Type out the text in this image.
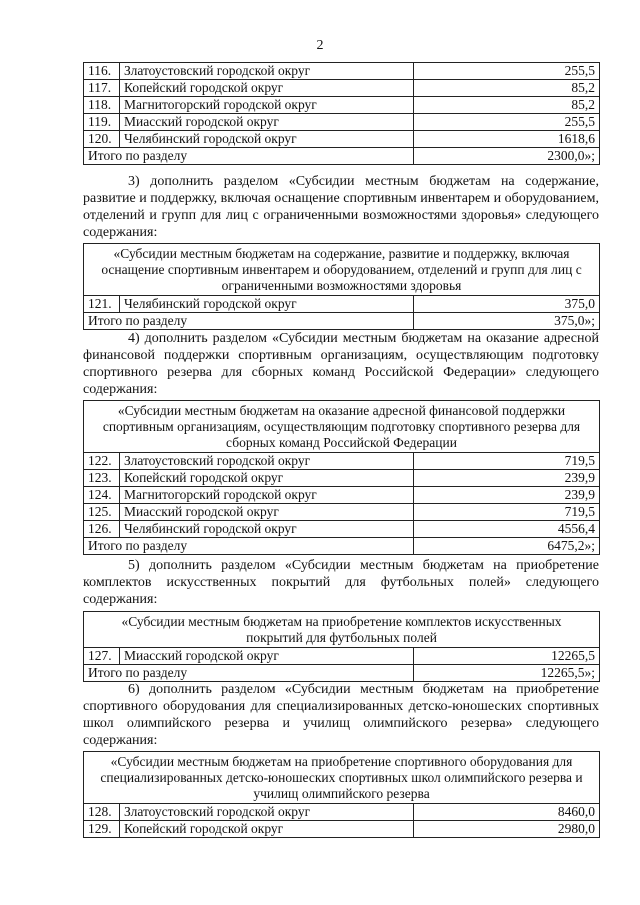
2
116.	Златоустовский городской округ	255,5
117.	Копейский городской округ	85,2
118.	Магнитогорский городской округ	85,2
119.	Миасский городской округ	255,5
120.	Челябинский городской округ	1618,6
Итого по разделу		2300,0»;
3) дополнить разделом «Субсидии местным бюджетам на содержание, развитие и поддержку, включая оснащение спортивным инвентарем и оборудованием, отделений и групп для лиц с ограниченными возможностями здоровья» следующего содержания:
«Субсидии местным бюджетам на содержание, развитие и поддержку, включая оснащение спортивным инвентарем и оборудованием, отделений и групп для лиц с ограниченными возможностями здоровья		
121.	Челябинский городской округ	375,0
Итого по разделу		375,0»;
4) дополнить разделом «Субсидии местным бюджетам на оказание адресной финансовой поддержки спортивным организациям, осуществляющим подготовку спортивного резерва для сборных команд Российской Федерации» следующего содержания:
«Субсидии местным бюджетам на оказание адресной финансовой поддержки спортивным организациям, осуществляющим подготовку спортивного резерва для сборных команд Российской Федерации		
122.	Златоустовский городской округ	719,5
123.	Копейский городской округ	239,9
124.	Магнитогорский городской округ	239,9
125.	Миасский городской округ	719,5
126.	Челябинский городской округ	4556,4
Итого по разделу		6475,2»;
5) дополнить разделом «Субсидии местным бюджетам на приобретение комплектов искусственных покрытий для футбольных полей» следующего содержания:
«Субсидии местным бюджетам на приобретение комплектов искусственных покрытий для футбольных полей		
127.	Миасский городской округ	12265,5
Итого по разделу		12265,5»;
6) дополнить разделом «Субсидии местным бюджетам на приобретение спортивного оборудования для специализированных детско-юношеских спортивных школ олимпийского резерва и училищ олимпийского резерва» следующего содержания:
«Субсидии местным бюджетам на приобретение спортивного оборудования для специализированных детско-юношеских спортивных школ олимпийского резерва и училищ олимпийского резерва		
128.	Златоустовский городской округ	8460,0
129.	Копейский городской округ	2980,0
